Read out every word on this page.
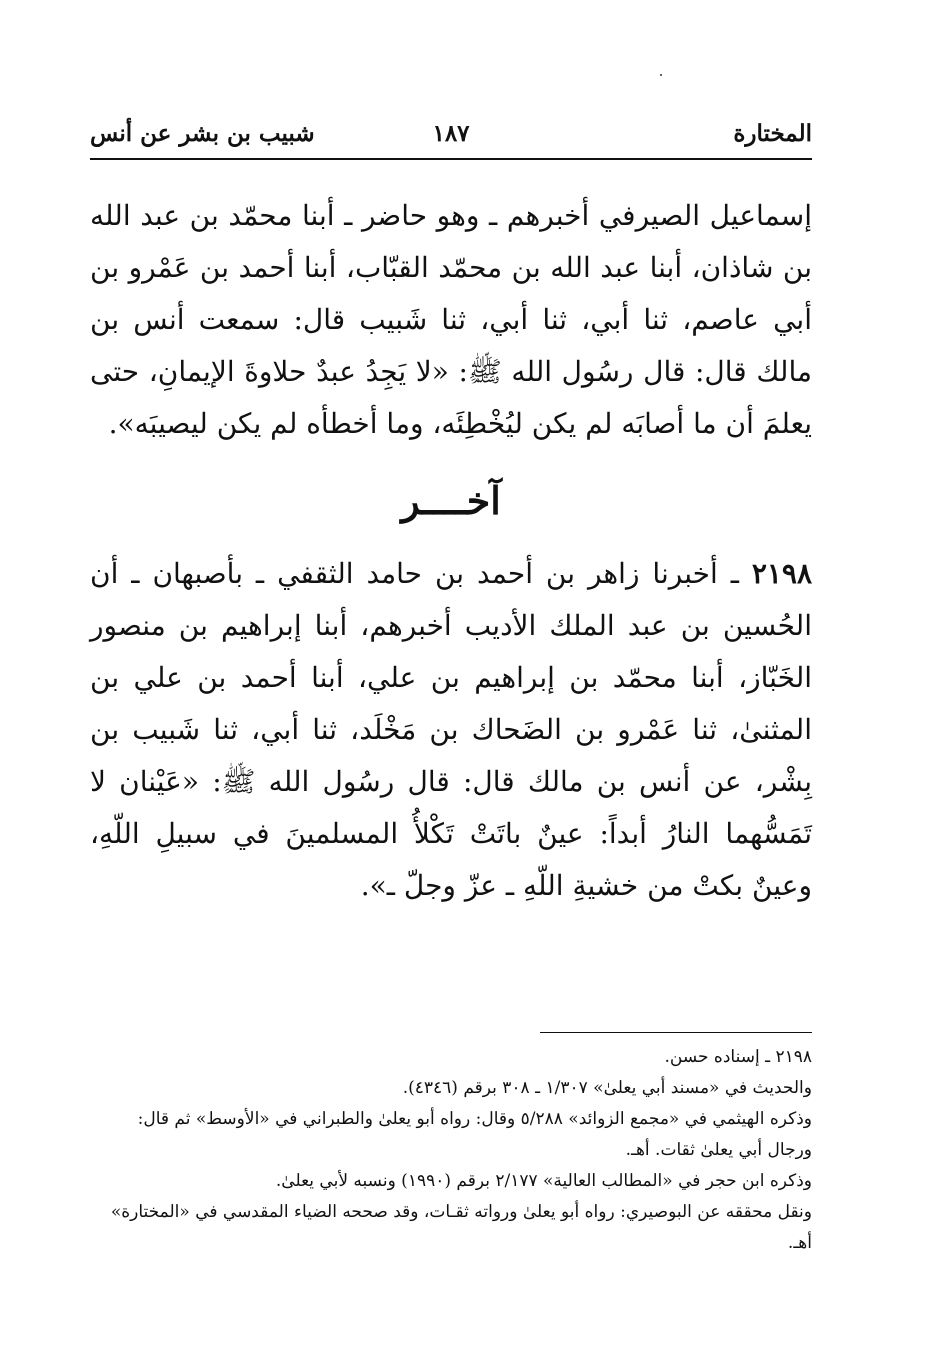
شبيب بن بشر عن أنس	١٨٧	المختارة
إسماعيل الصيرفي أخبرهم ـ وهو حاضر ـ أبنا محمّد بن عبد الله بن شاذان، أبنا عبد الله بن محمّد القبّاب، أبنا أحمد بن عَمْرو بن أبي عاصم، ثنا أبي، ثنا أبي، ثنا شَبيب قال: سمعت أنس بن مالك قال: قال رسُول الله ﷺ: «لا يَجِدُ عبدٌ حلاوةَ الإيمانِ، حتى يعلمَ أن ما أصابَه لم يكن ليُخْطِئَه، وما أخطأه لم يكن ليصيبَه».
آخــــر
٢١٩٨ ـ أخبرنا زاهر بن أحمد بن حامد الثقفي ـ بأصبهان ـ أن الحُسين بن عبد الملك الأديب أخبرهم، أبنا إبراهيم بن منصور الخَبّاز، أبنا محمّد بن إبراهيم بن علي، أبنا أحمد بن علي بن المثنىٰ، ثنا عَمْرو بن الضَحاك بن مَخْلَد، ثنا أبي، ثنا شَبيب بن بِشْر، عن أنس بن مالك قال: قال رسُول الله ﷺ: «عَيْنان لا تَمَسُّهما النارُ أبداً: عينٌ باتَتْ تَكْلأُ المسلمينَ في سبيلِ اللّهِ، وعينٌ بكتْ من خشيةِ اللّهِ ـ عزّ وجلّ ـ».

٢١٩٨ ـ إسناده حسن.

والحديث في «مسند أبي يعلىٰ» ١/٣٠٧ ـ ٣٠٨ برقم (٤٣٤٦).

وذكره الهيثمي في «مجمع الزوائد» ٥/٢٨٨ وقال: رواه أبو يعلىٰ والطبراني في «الأوسط» ثم قال: ورجال أبي يعلىٰ ثقات. أهـ.

وذكره ابن حجر في «المطالب العالية» ٢/١٧٧ برقم (١٩٩٠) ونسبه لأبي يعلىٰ.

ونقل محققه عن البوصيري: رواه أبو يعلىٰ ورواته ثقـات، وقد صححه الضياء المقدسي في «المختارة» أهـ.
